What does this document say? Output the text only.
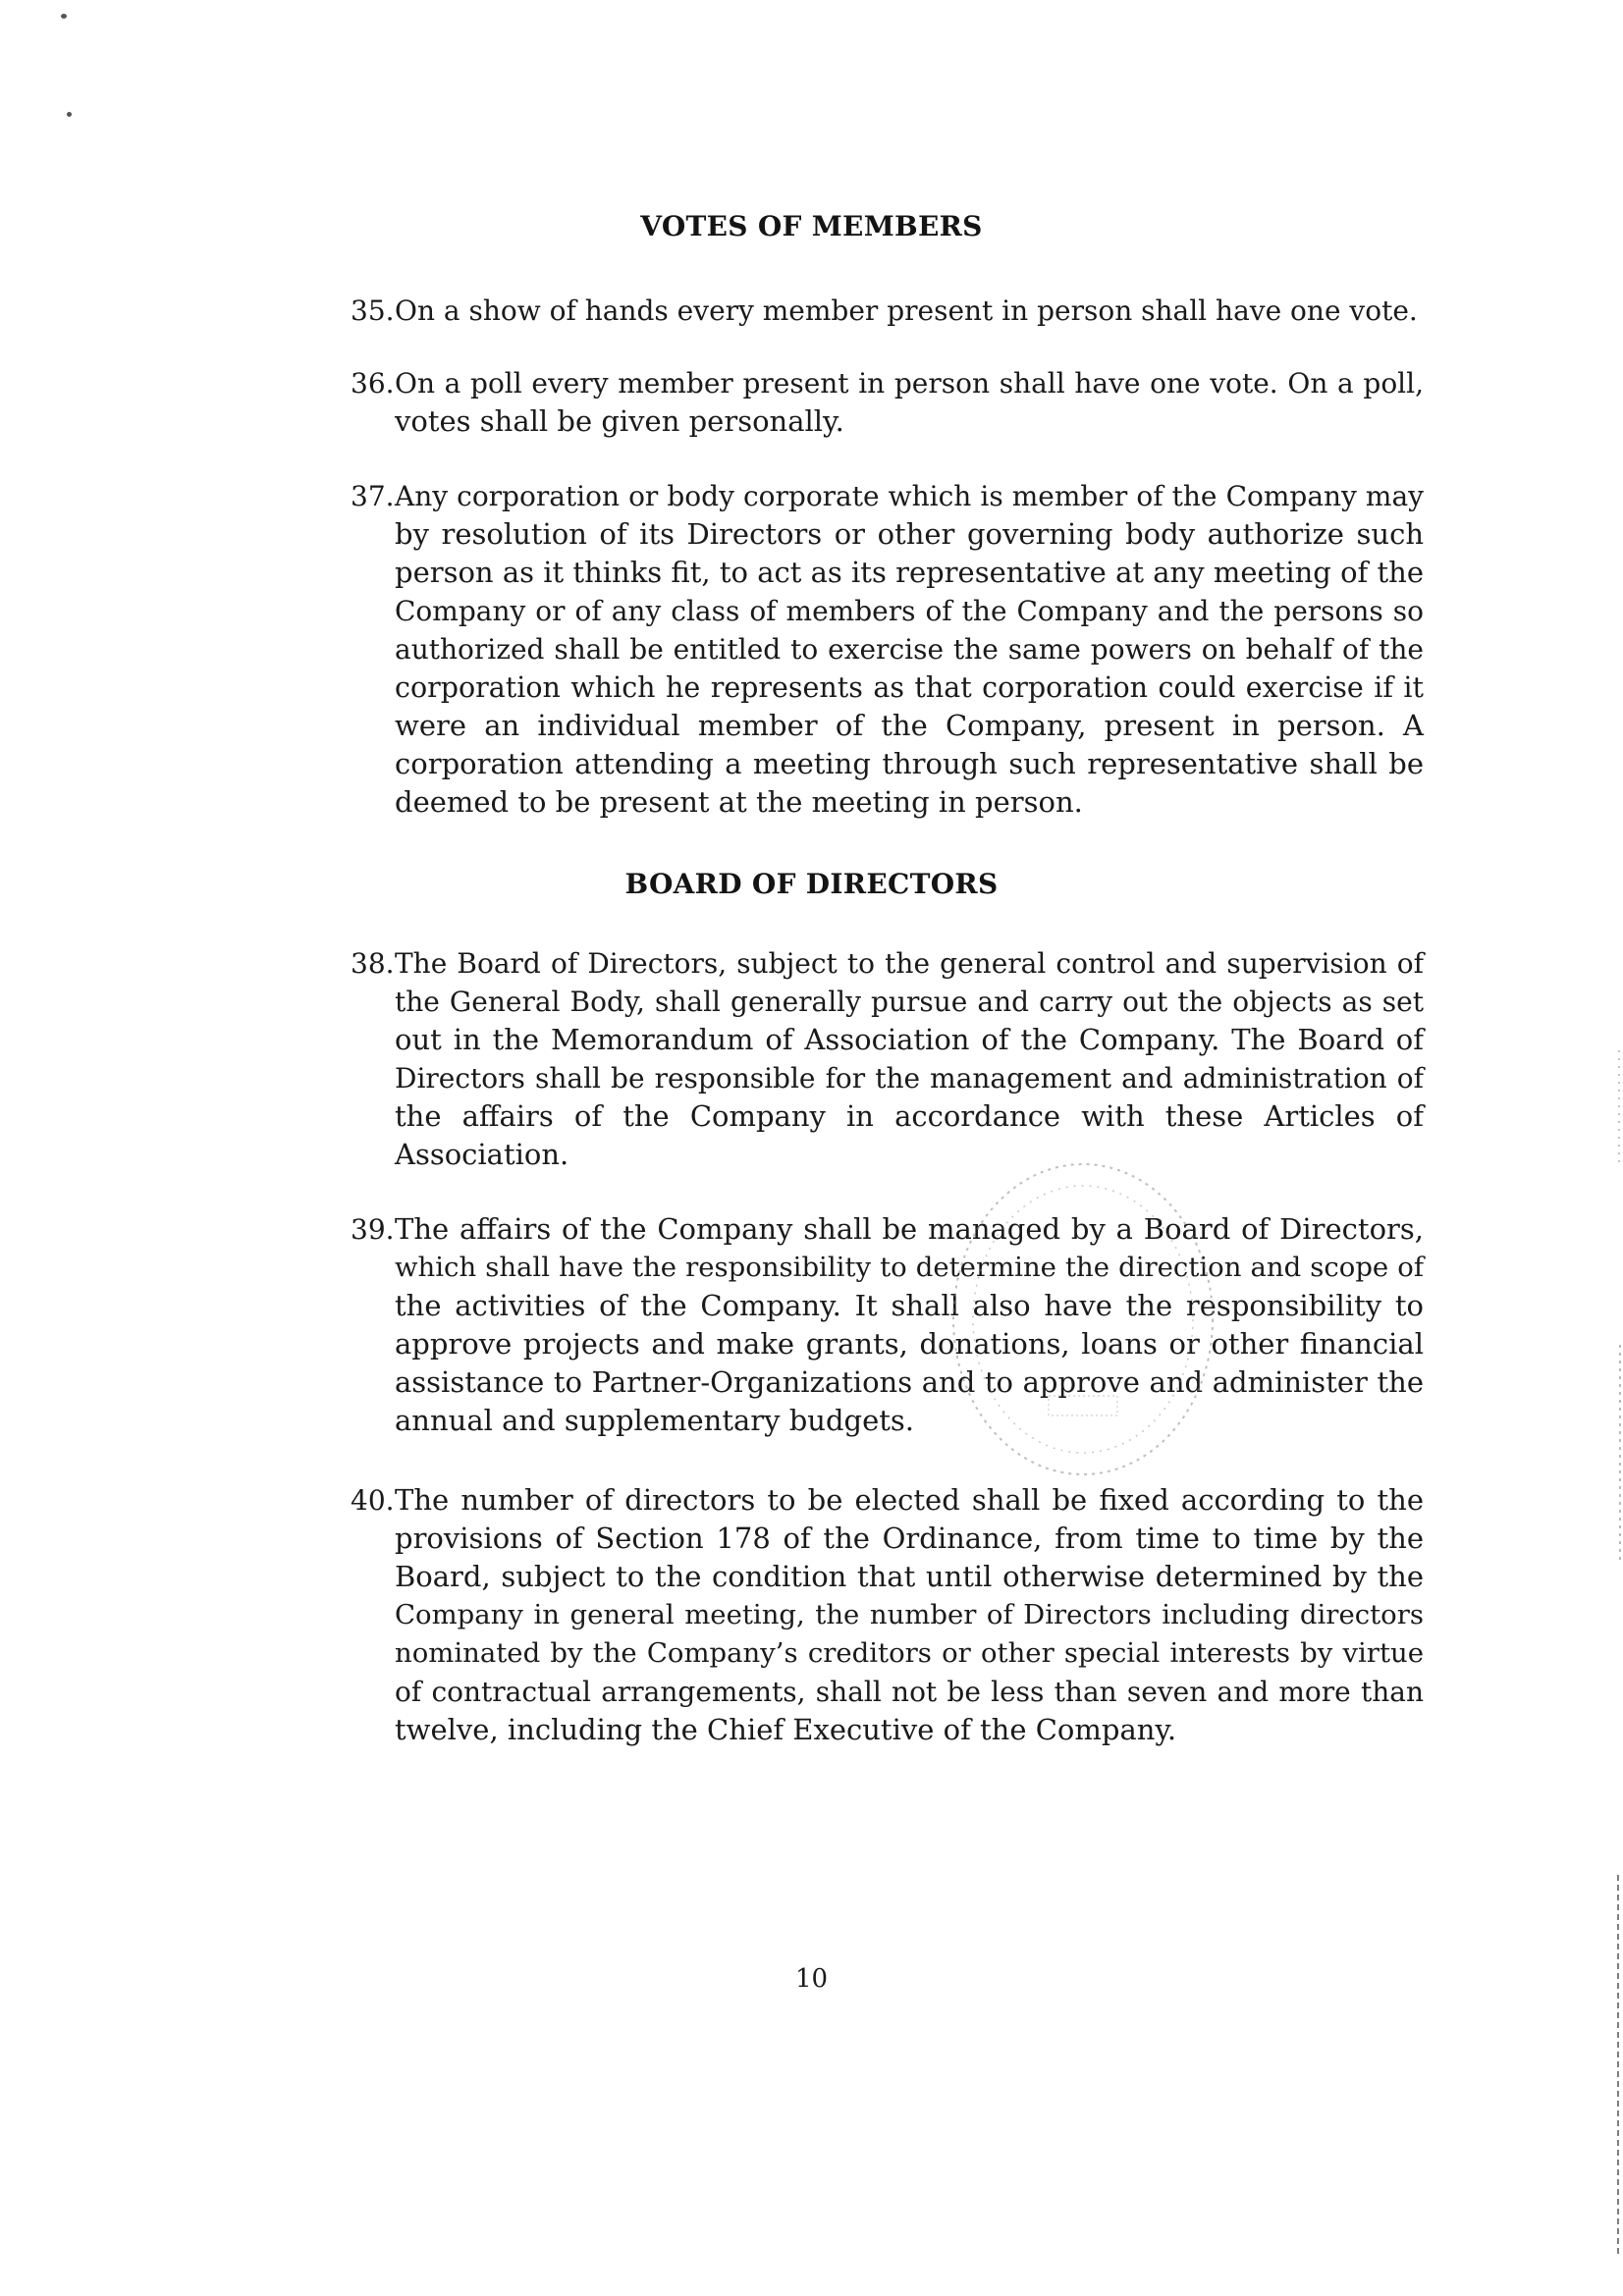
VOTES OF MEMBERS
35. On a show of hands every member present in person shall have one vote.
36. On a poll every member present in person shall have one vote. On a poll,
votes shall be given personally.
37. Any corporation or body corporate which is member of the Company may
by resolution of its Directors or other governing body authorize such
person as it thinks fit, to act as its representative at any meeting of the
Company or of any class of members of the Company and the persons so
authorized shall be entitled to exercise the same powers on behalf of the
corporation which he represents as that corporation could exercise if it
were an individual member of the Company, present in person. A
corporation attending a meeting through such representative shall be
deemed to be present at the meeting in person.
BOARD OF DIRECTORS
38. The Board of Directors, subject to the general control and supervision of
the General Body, shall generally pursue and carry out the objects as set
out in the Memorandum of Association of the Company. The Board of
Directors shall be responsible for the management and administration of
the affairs of the Company in accordance with these Articles of
Association.
39. The affairs of the Company shall be managed by a Board of Directors,
which shall have the responsibility to determine the direction and scope of
the activities of the Company. It shall also have the responsibility to
approve projects and make grants, donations, loans or other financial
assistance to Partner-Organizations and to approve and administer the
annual and supplementary budgets.
40. The number of directors to be elected shall be fixed according to the
provisions of Section 178 of the Ordinance, from time to time by the
Board, subject to the condition that until otherwise determined by the
Company in general meeting, the number of Directors including directors
nominated by the Company’s creditors or other special interests by virtue
of contractual arrangements, shall not be less than seven and more than
twelve, including the Chief Executive of the Company.
10
